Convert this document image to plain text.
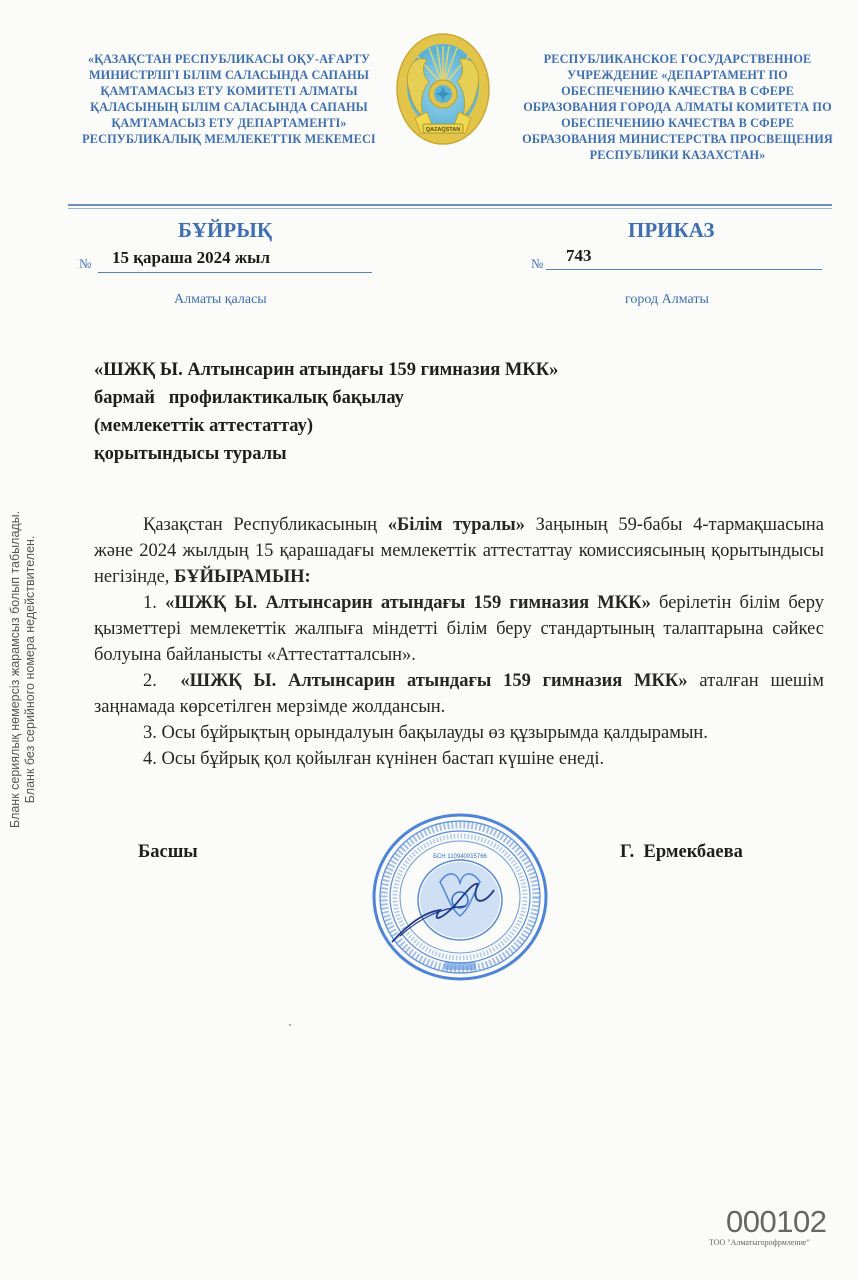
«ҚАЗАҚСТАН РЕСПУБЛИКАСЫ ОҚУ-АҒАРТУ
МИНИСТРЛІГІ БІЛІМ САЛАСЫНДА САПАНЫ
ҚАМТАМАСЫЗ ЕТУ КОМИТЕТІ АЛМАТЫ
ҚАЛАСЫНЫҢ БІЛІМ САЛАСЫНДА САПАНЫ
ҚАМТАМАСЫЗ ЕТУ ДЕПАРТАМЕНТІ»
РЕСПУБЛИКАЛЫҚ МЕМЛЕКЕТТІК МЕКЕМЕСІ
QAZAQSTAN
РЕСПУБЛИКАНСКОЕ ГОСУДАРСТВЕННОЕ
УЧРЕЖДЕНИЕ «ДЕПАРТАМЕНТ ПО
ОБЕСПЕЧЕНИЮ КАЧЕСТВА В СФЕРЕ
ОБРАЗОВАНИЯ ГОРОДА АЛМАТЫ КОМИТЕТА ПО
ОБЕСПЕЧЕНИЮ КАЧЕСТВА В СФЕРЕ
ОБРАЗОВАНИЯ МИНИСТЕРСТВА ПРОСВЕЩЕНИЯ
РЕСПУБЛИКИ КАЗАХСТАН»
БҰЙРЫҚ	ПРИКАЗ
№ 15 қараша 2024 жыл	№ 743
Алматы қаласы	город Алматы
«ШЖҚ Ы. Алтынсарин атындағы 159 гимназия МКК»
бармай   профилактикалық бақылау
(мемлекеттік аттестаттау)
қорытындысы туралы

Қазақстан Республикасының «Білім туралы» Заңының 59-бабы 4-тармақшасына және 2024 жылдың 15 қарашадағы мемлекеттік аттестаттау комиссиясының қорытындысы негізінде, БҰЙЫРАМЫН:

1. «ШЖҚ Ы. Алтынсарин атындағы 159 гимназия МКК» берілетін білім беру қызметтері мемлекеттік жалпыға міндетті білім беру стандартының талаптарына сәйкес болуына байланысты «Аттестатталсын».

2.  «ШЖҚ Ы. Алтынсарин атындағы 159 гимназия МКК» аталған шешім заңнамада көрсетілген мерзімде жолдансын.

3. Осы бұйрықтың орындалуын бақылауды өз құзырымда қалдырамын.

4. Осы бұйрық қол қойылған күнінен бастап күшіне енеді.

Бланк сериялық нөмерсіз жарамсыз болып табылады. Бланк без серийного номера недействителен.
Басшы	Г.  Ермекбаева
БСН 110940015766
000102
ТОО "Алматыгорофрмление"
